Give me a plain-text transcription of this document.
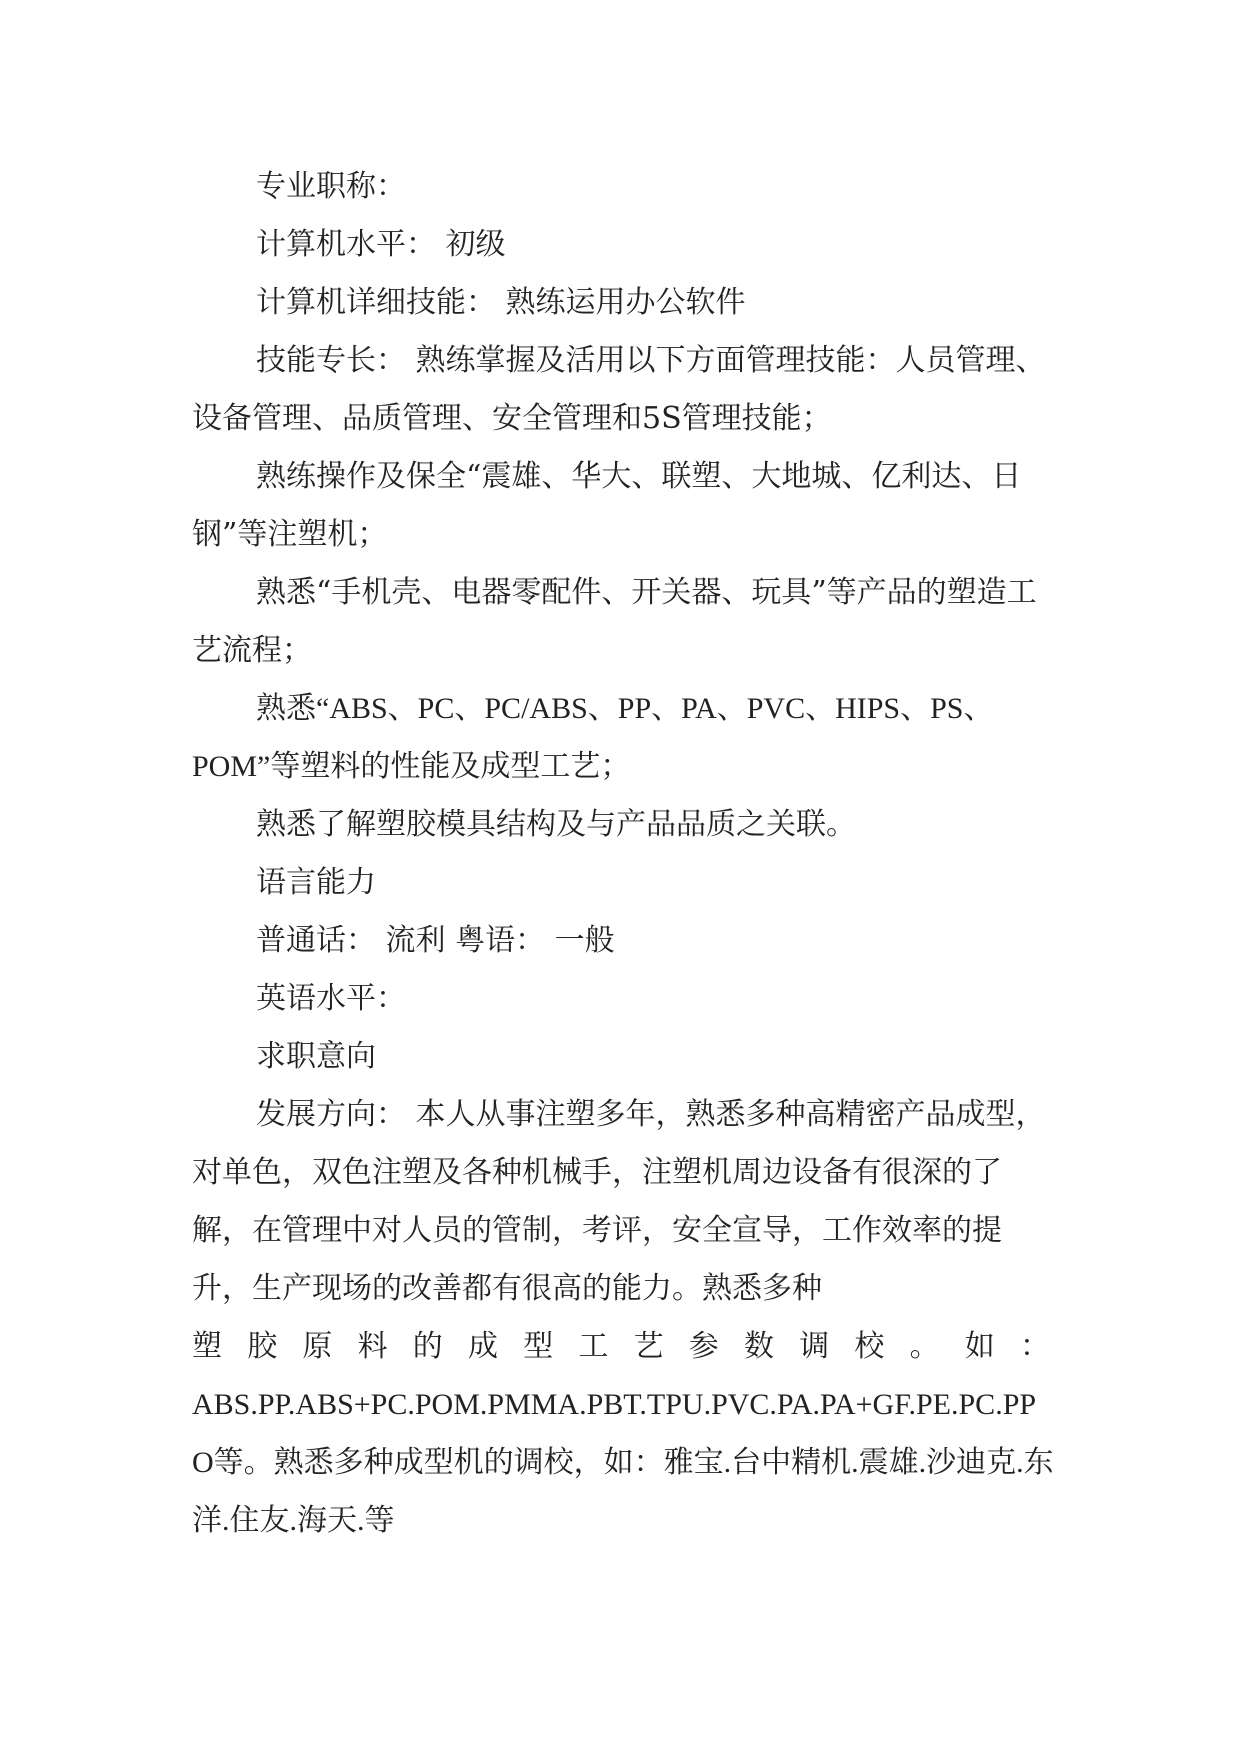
专业职称：

计算机水平： 初级

计算机详细技能： 熟练运用办公软件

技能专长： 熟练掌握及活用以下方面管理技能：人员管理、设备管理、品质管理、安全管理和5S管理技能；

熟练操作及保全“震雄、华大、联塑、大地城、亿利达、日钢”等注塑机；

熟悉“手机壳、电器零配件、开关器、玩具”等产品的塑造工艺流程；

熟悉“ABS、PC、PC/ABS、PP、PA、PVC、HIPS、PS、POM”等塑料的性能及成型工艺；

熟悉了解塑胶模具结构及与产品品质之关联。

语言能力

普通话： 流利 粤语： 一般

英语水平：

求职意向

发展方向： 本人从事注塑多年，熟悉多种高精密产品成型，对单色，双色注塑及各种机械手，注塑机周边设备有很深的了解，在管理中对人员的管制，考评，安全宣导，工作效率的提升，生产现场的改善都有很高的能力。熟悉多种

塑胶原料的成型工艺参数调校。如：

ABS.PP.ABS+PC.POM.PMMA.PBT.TPU.PVC.PA.PA+GF.PE.PC.PPO等。熟悉多种成型机的调校，如：雅宝.台中精机.震雄.沙迪克.东洋.住友.海天.等
